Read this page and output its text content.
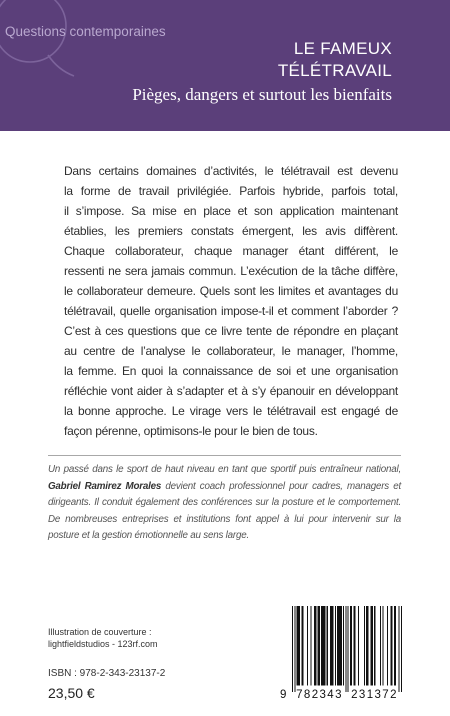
Questions contemporaines
LE FAMEUX
TÉLÉTRAVAIL
Pièges, dangers et surtout les bienfaits
Dans certains domaines d’activités, le télétravail est devenu
la forme de travail privilégiée. Parfois hybride, parfois total,
il s’impose. Sa mise en place et son application maintenant
établies, les premiers constats émergent, les avis diffèrent.
Chaque collaborateur, chaque manager étant différent, le
ressenti ne sera jamais commun. L’exécution de la tâche diffère,
le collaborateur demeure. Quels sont les limites et avantages du
télétravail, quelle organisation impose-t-il et comment l’aborder ?
C’est à ces questions que ce livre tente de répondre en plaçant
au centre de l’analyse le collaborateur, le manager, l’homme,
la femme. En quoi la connaissance de soi et une organisation
réfléchie vont aider à s’adapter et à s’y épanouir en développant
la bonne approche. Le virage vers le télétravail est engagé de
façon pérenne, optimisons-le pour le bien de tous.
Un passé dans le sport de haut niveau en tant que sportif puis entraîneur national,
Gabriel Ramirez Morales devient coach professionnel pour cadres, managers et
dirigeants. Il conduit également des conférences sur la posture et le comportement.
De nombreuses entreprises et institutions font appel à lui pour intervenir sur la
posture et la gestion émotionnelle au sens large.
Illustration de couverture :
lightfieldstudios - 123rf.com
ISBN : 978-2-343-23137-2
23,50 €	9 782343 231372
